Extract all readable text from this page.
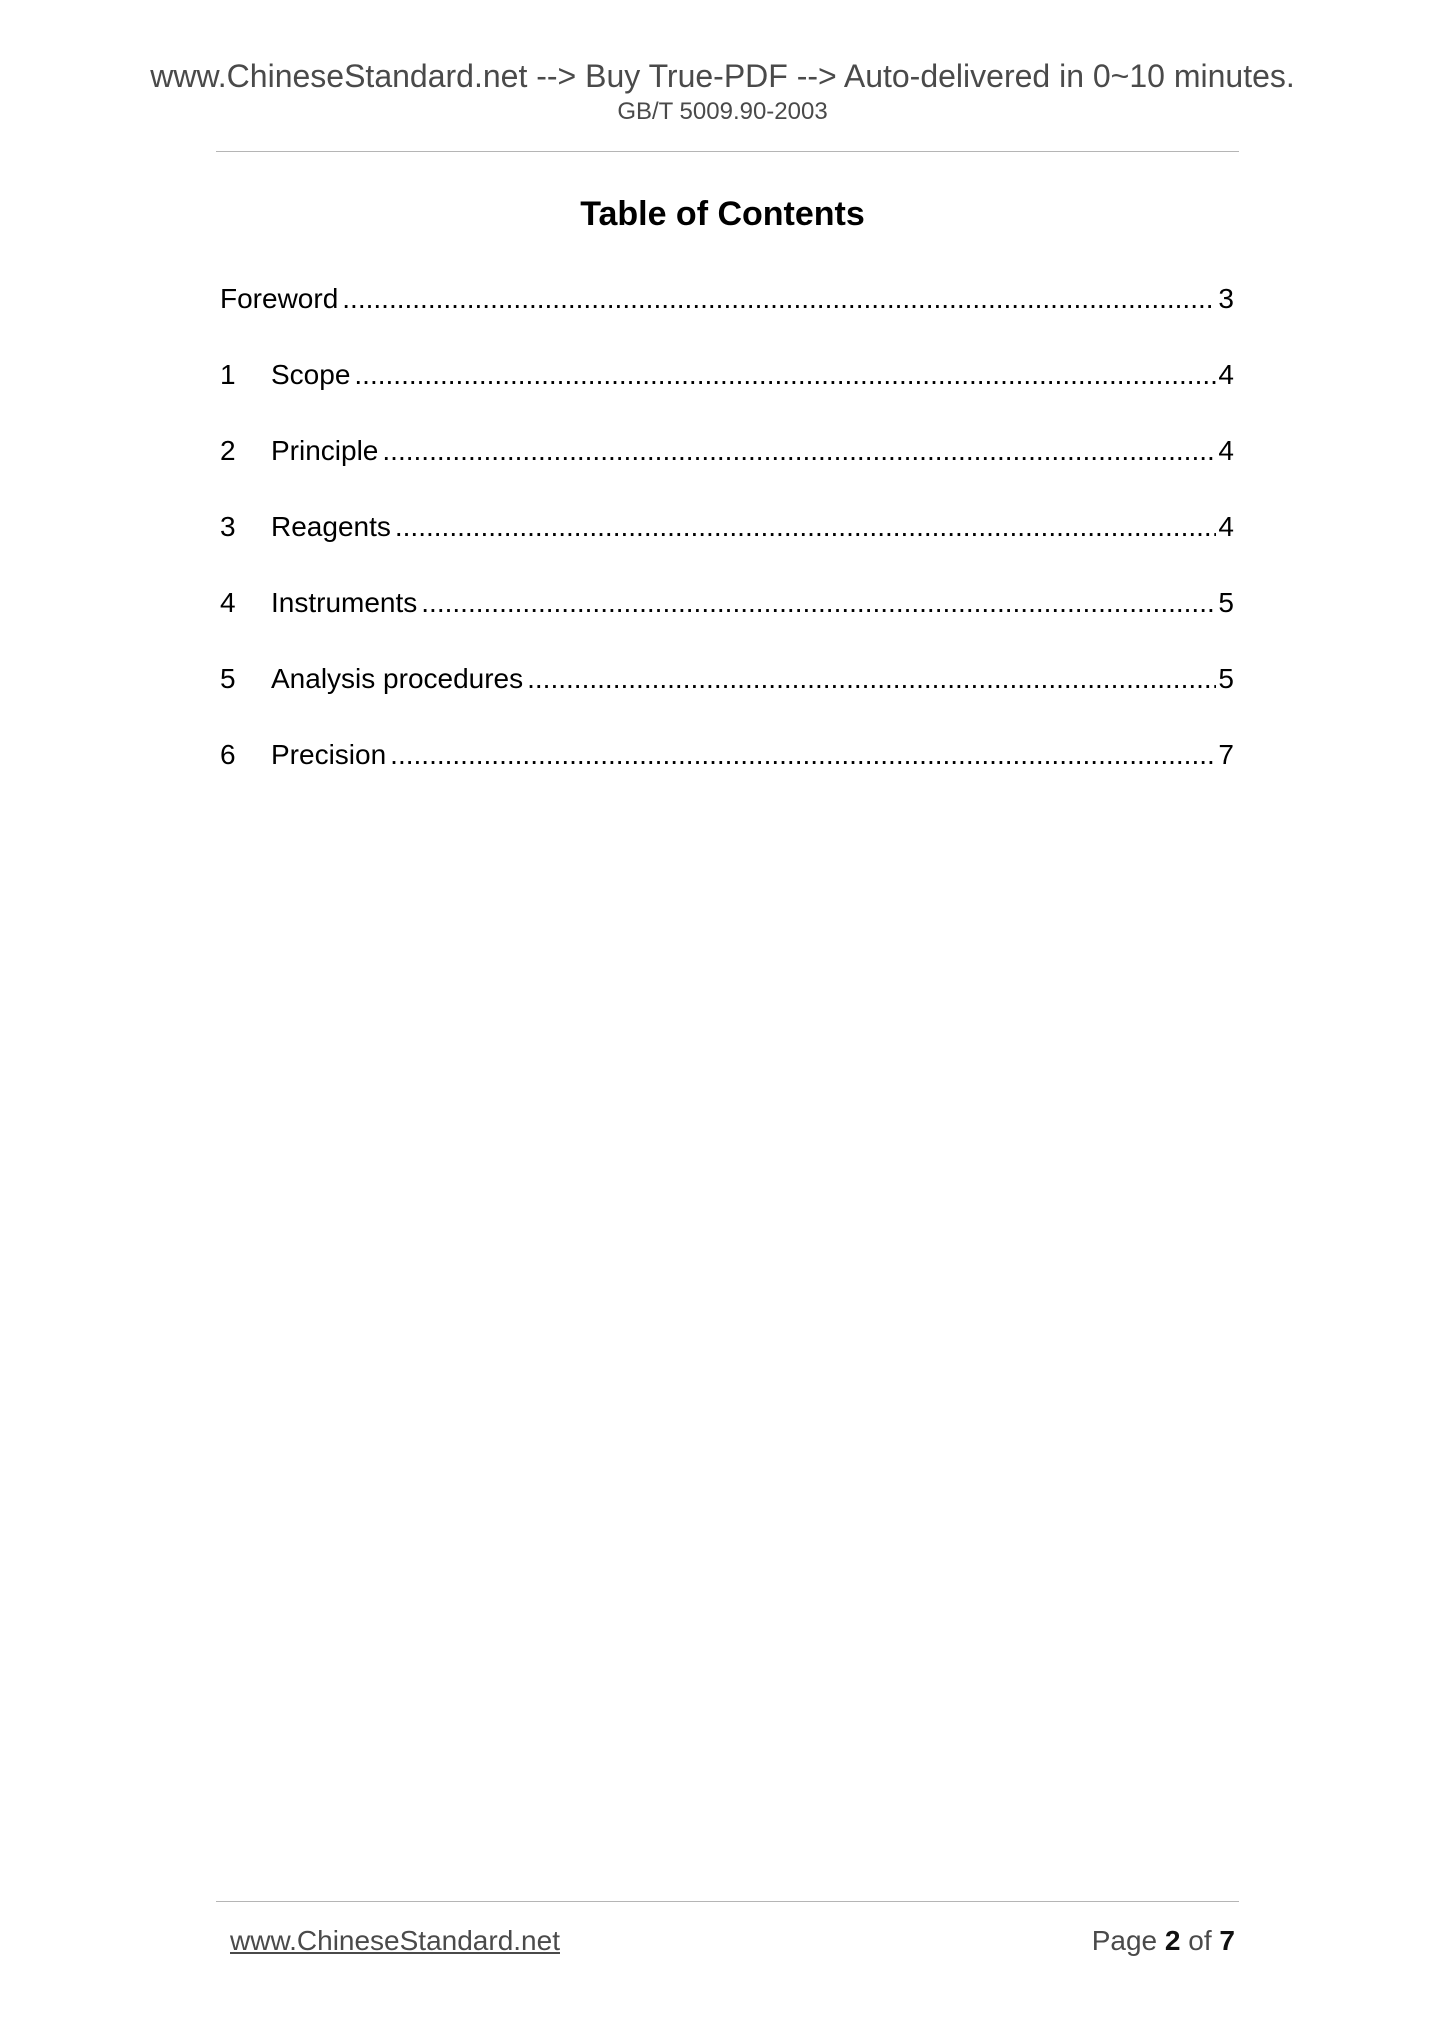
www.ChineseStandard.net --> Buy True-PDF --> Auto-delivered in 0~10 minutes.
GB/T 5009.90-2003
Table of Contents
Foreword .....	3
1	Scope .....	4
2	Principle .....	4
3	Reagents .....	4
4	Instruments .....	5
5	Analysis procedures .....	5
6	Precision .....	7
www.ChineseStandard.net	Page 2 of 7
